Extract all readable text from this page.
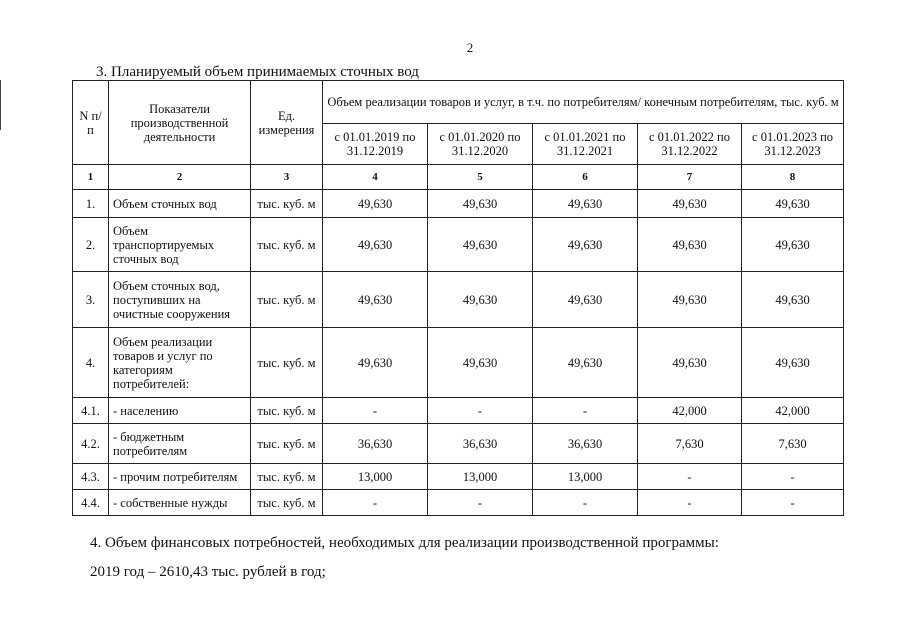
2
3. Планируемый объем принимаемых сточных вод
N п/п	Показатели производственной деятельности	Ед. измерения	Объем реализации товаров и услуг, в т.ч. по потребителям/ конечным потребителям, тыс. куб. м				
			с 01.01.2019 по 31.12.2019	с 01.01.2020 по 31.12.2020	с 01.01.2021 по 31.12.2021	с 01.01.2022 по 31.12.2022	с 01.01.2023 по 31.12.2023
1	2	3	4	5	6	7	8
1.	Объем сточных вод	тыс. куб. м	49,630	49,630	49,630	49,630	49,630
2.	Объем транспортируемых сточных вод	тыс. куб. м	49,630	49,630	49,630	49,630	49,630
3.	Объем сточных вод, поступивших на очистные сооружения	тыс. куб. м	49,630	49,630	49,630	49,630	49,630
4.	Объем реализации товаров и услуг по категориям потребителей:	тыс. куб. м	49,630	49,630	49,630	49,630	49,630
4.1.	- населению	тыс. куб. м	-	-	-	42,000	42,000
4.2.	- бюджетным потребителям	тыс. куб. м	36,630	36,630	36,630	7,630	7,630
4.3.	- прочим потребителям	тыс. куб. м	13,000	13,000	13,000	-	-
4.4.	- собственные нужды	тыс. куб. м	-	-	-	-	-
4. Объем финансовых потребностей, необходимых для реализации производственной программы:
2019 год – 2610,43 тыс. рублей в год;
